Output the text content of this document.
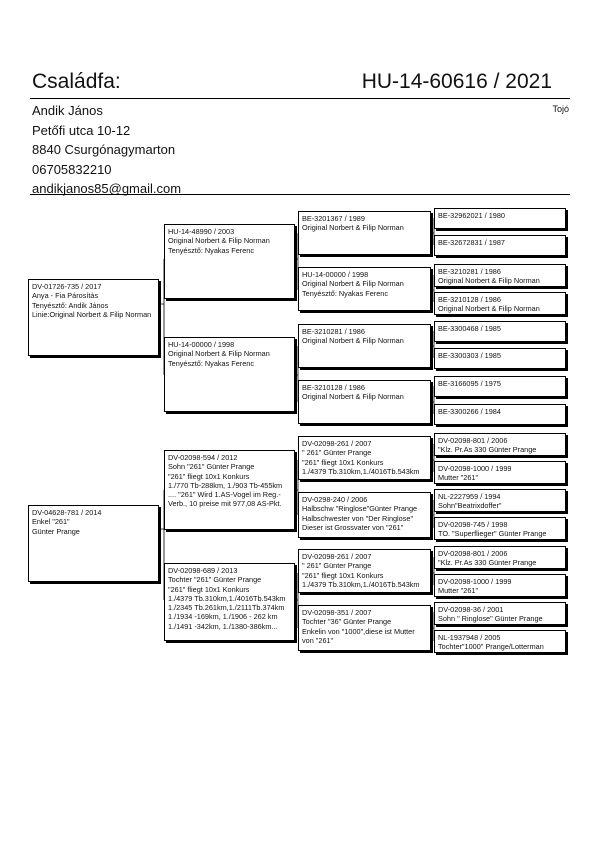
Családfa:	HU-14-60616 / 2021
Andik János
Petőfi utca 10-12
8840 Csurgónagymarton
06705832210
andikjanos85@gmail.com
Tojó
DV-01726-735 / 2017
Anya - Fia Párosítás
Tenyésztő: Andik János
Linie:Original Norbert & Filip Norman
DV-04628-781 / 2014
Enkel "261"
Günter Prange
HU-14-48990 / 2003
Original Norbert & Filip Norman
Tenyésztő: Nyakas Ferenc
HU-14-00000 / 1998
Original Norbert & Filip Norman
Tenyésztő: Nyakas Ferenc
DV-02098-594 / 2012
Sohn "261" Günter Prange
"261" fliegt 10x1 Konkurs
1./770 Tb-288km, 1./903 Tb-455km
.... "261" Wird 1.AS-Vogel im Reg.-
Verb., 10 preise mit 977,08 AS-Pkt.
DV-02098-689 / 2013
Tochter "261" Günter Prange
"261" fliegt 10x1 Konkurs
1./4379 Tb.310km,1./4016Tb.543km
1./2345 Tb.261km,1./2111Tb.374km
1./1934 -169km, 1./1906 - 262 km
1./1491 -342km, 1./1380-386km...
BE-3201367 / 1989
Original Norbert & Filip Norman
HU-14-00000 / 1998
Original Norbert & Filip Norman
Tenyésztő: Nyakas Ferenc
BE-3210281 / 1986
Original Norbert & Filip Norman
BE-3210128 / 1986
Original Norbert & Filip Norman
DV-02098-261 / 2007
" 261" Günter Prange
"261" fliegt 10x1 Konkurs
1./4379 Tb.310km,1./4016Tb.543km
DV-0298-240 / 2006
Halbschw "Ringlose"Günter Prange
Halbschwester von "Der Ringlose"
Dieser ist Grossvater von "261"
DV-02098-261 / 2007
" 261" Günter Prange
"261" fliegt 10x1 Konkurs
1./4379 Tb.310km,1./4016Tb.543km
DV-02098-351 / 2007
Tochter "36" Günter Prange
Enkelin von "1000",diese ist Mutter
von "261"
BE-32962021 / 1980
BE-32672831 / 1987
BE-3210281 / 1986
Original Norbert & Filip Norman
BE-3210128 / 1986
Original Norbert & Filip Norman
BE-3300468 / 1985
BE-3300303 / 1985
BE-3166095 / 1975
BE-3300266 / 1984
DV-02098-801 / 2006
"Klz. Pr.As 330 Günter Prange
DV-02098-1000 / 1999
Mutter "261"
NL-2227959 / 1994
Sohn"Beatrixdoffer"
DV-02098-745 / 1998
TO. "Superflieger" Günter Prange
DV-02098-801 / 2006
"Klz. Pr.As 330 Günter Prange
DV-02098-1000 / 1999
Mutter "261"
DV-02098-36 / 2001
Sohn " Ringlose" Günter Prange
NL-1937948 / 2005
Tochter"1000" Prange/Lotterman
